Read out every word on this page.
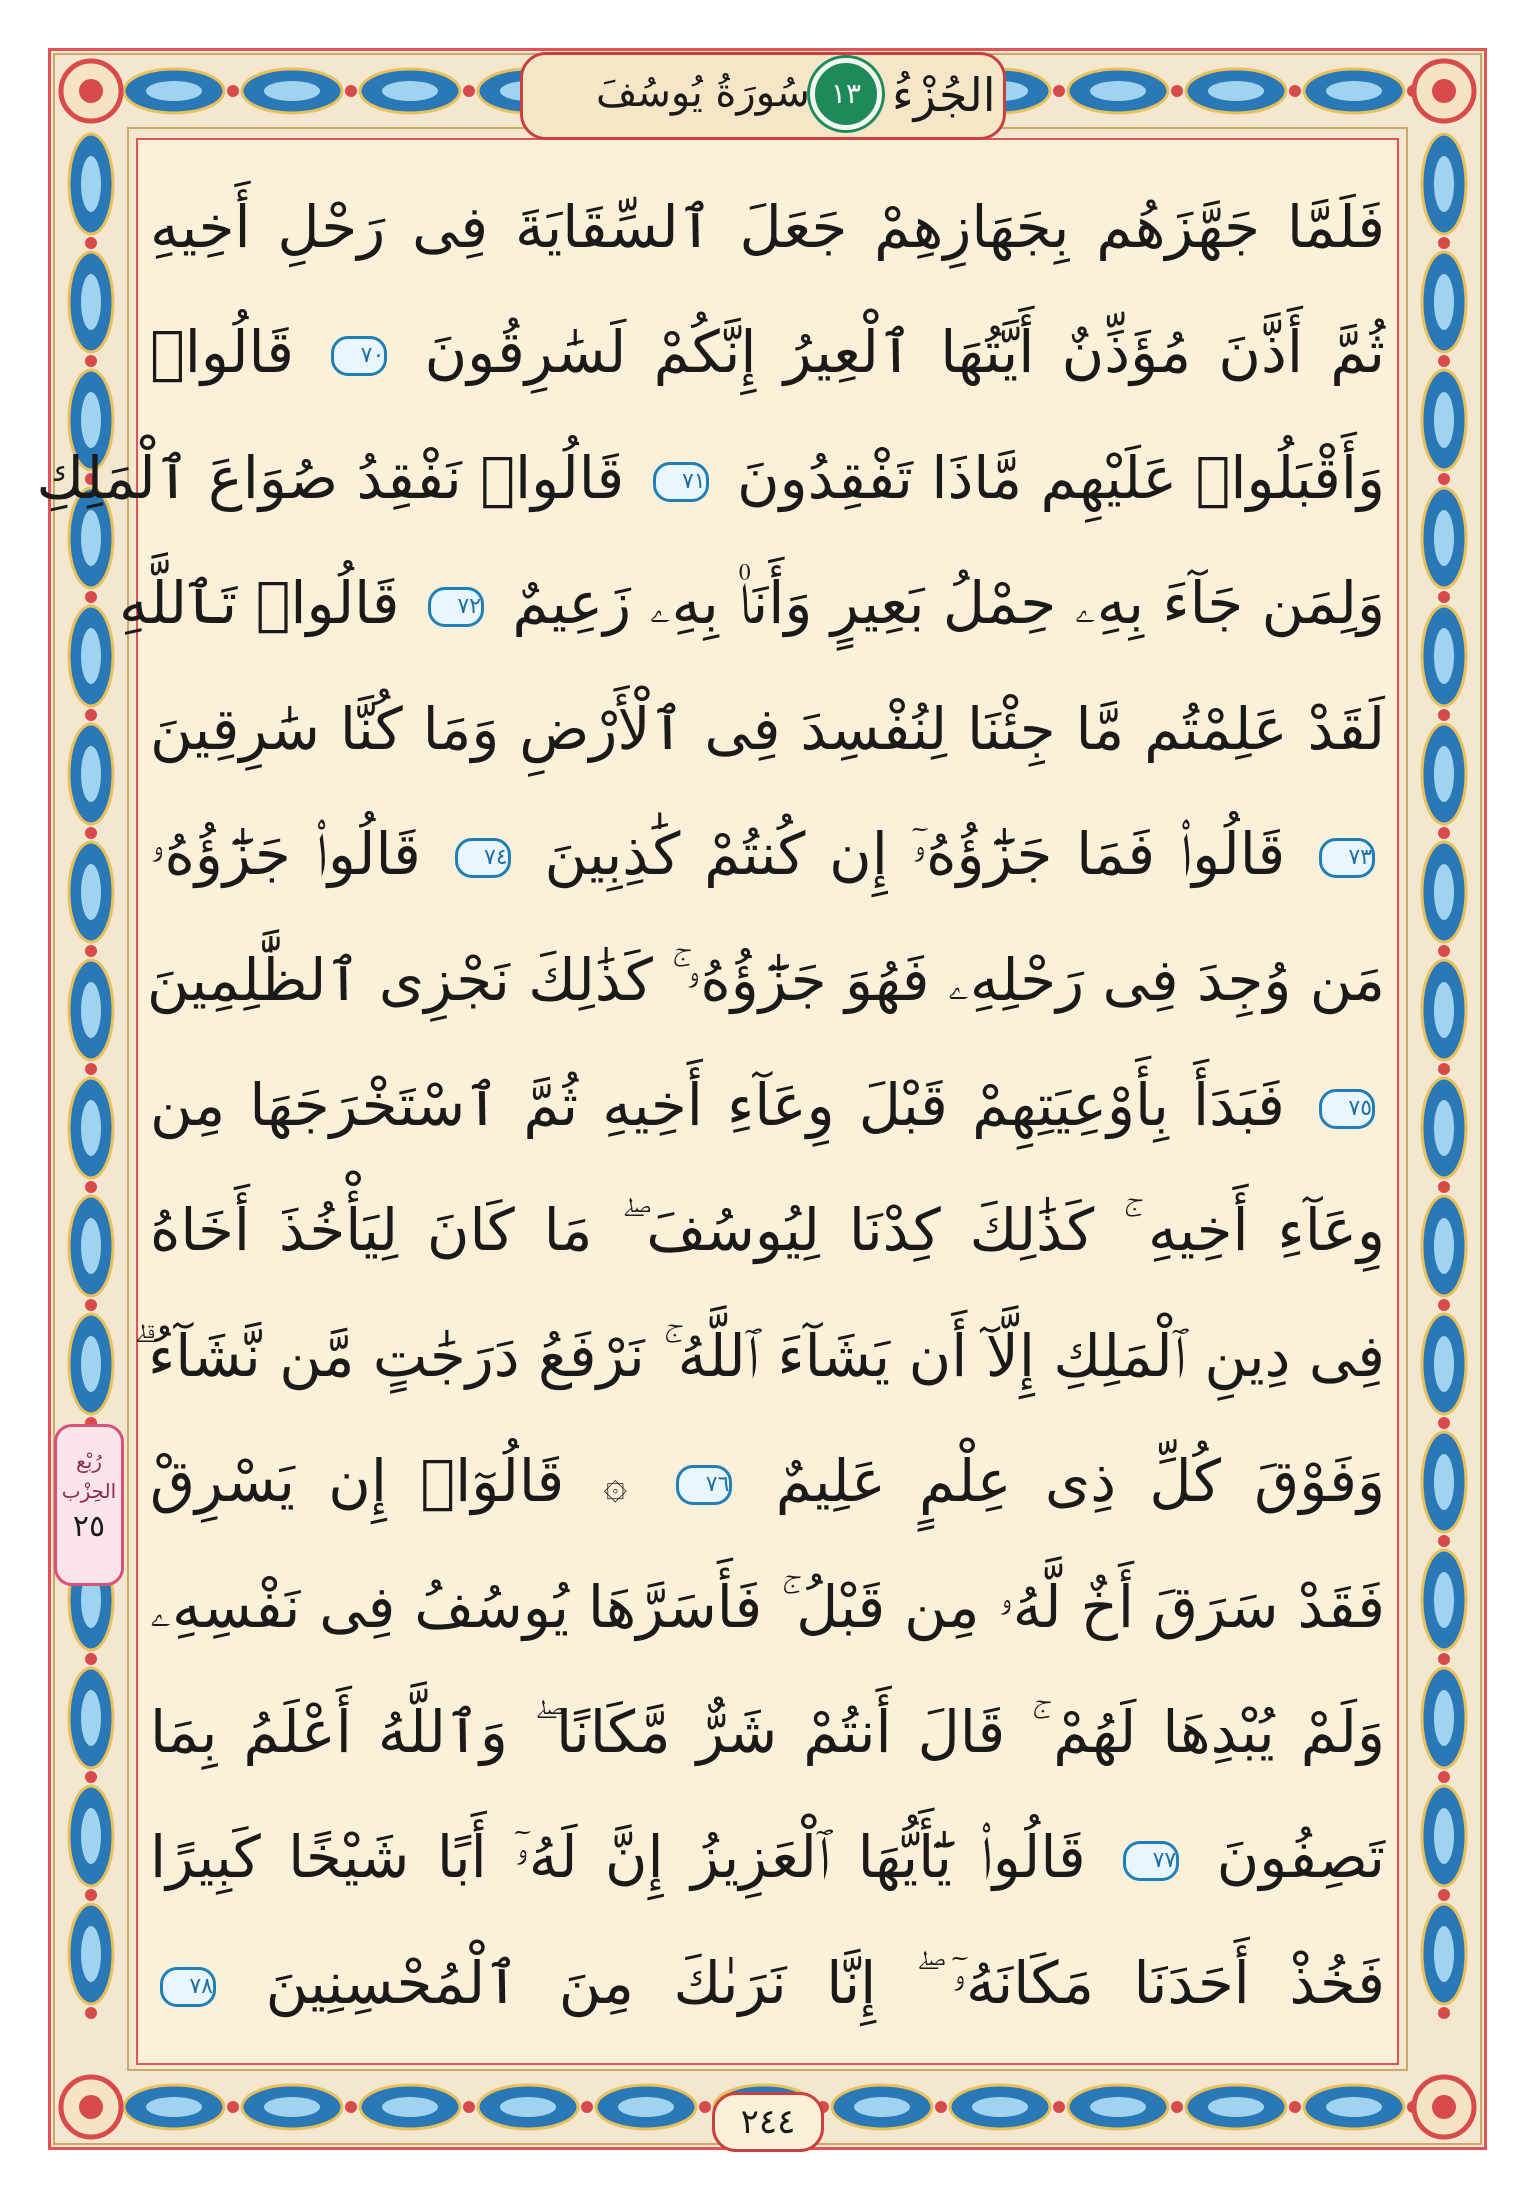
الجُزْءُ
١٣
سُورَةُ يُوسُفَ
رُبْع
الحِزْب
٢٥
فَلَمَّا جَهَّزَهُم بِجَهَازِهِمْ جَعَلَ ٱلسِّقَايَةَ فِى رَحْلِ أَخِيهِ
ثُمَّ أَذَّنَ مُؤَذِّنٌ أَيَّتُهَا ٱلْعِيرُ إِنَّكُمْ لَسَٰرِقُونَ ٧٠ قَالُوا۟
وَأَقْبَلُوا۟ عَلَيْهِم مَّاذَا تَفْقِدُونَ ٧١ قَالُوا۟ نَفْقِدُ صُوَاعَ ٱلْمَلِكِ
وَلِمَن جَآءَ بِهِۦ حِمْلُ بَعِيرٍ وَأَنَا۠ بِهِۦ زَعِيمٌ ٧٢ قَالُوا۟ تَٱللَّهِ
لَقَدْ عَلِمْتُم مَّا جِئْنَا لِنُفْسِدَ فِى ٱلْأَرْضِ وَمَا كُنَّا سَٰرِقِينَ
٧٣ قَالُوا۟ فَمَا جَزَٰٓؤُهُۥٓ إِن كُنتُمْ كَٰذِبِينَ ٧٤ قَالُوا۟ جَزَٰٓؤُهُۥ
مَن وُجِدَ فِى رَحْلِهِۦ فَهُوَ جَزَٰٓؤُهُۥ ۚ كَذَٰلِكَ نَجْزِى ٱلظَّٰلِمِينَ
٧٥ فَبَدَأَ بِأَوْعِيَتِهِمْ قَبْلَ وِعَآءِ أَخِيهِ ثُمَّ ٱسْتَخْرَجَهَا مِن
وِعَآءِ أَخِيهِ ۚ كَذَٰلِكَ كِدْنَا لِيُوسُفَ ۖ مَا كَانَ لِيَأْخُذَ أَخَاهُ
فِى دِينِ ٱلْمَلِكِ إِلَّآ أَن يَشَآءَ ٱللَّهُ ۚ نَرْفَعُ دَرَجَٰتٍ مَّن نَّشَآءُ ۗ
وَفَوْقَ كُلِّ ذِى عِلْمٍ عَلِيمٌ ٧٦ ۞ قَالُوٓا۟ إِن يَسْرِقْ
فَقَدْ سَرَقَ أَخٌ لَّهُۥ مِن قَبْلُ ۚ فَأَسَرَّهَا يُوسُفُ فِى نَفْسِهِۦ
وَلَمْ يُبْدِهَا لَهُمْ ۚ قَالَ أَنتُمْ شَرٌّ مَّكَانًا ۖ وَٱللَّهُ أَعْلَمُ بِمَا
تَصِفُونَ ٧٧ قَالُوا۟ يَٰٓأَيُّهَا ٱلْعَزِيزُ إِنَّ لَهُۥٓ أَبًا شَيْخًا كَبِيرًا
فَخُذْ أَحَدَنَا مَكَانَهُۥٓ ۖ إِنَّا نَرَىٰكَ مِنَ ٱلْمُحْسِنِينَ ٧٨
٢٤٤
